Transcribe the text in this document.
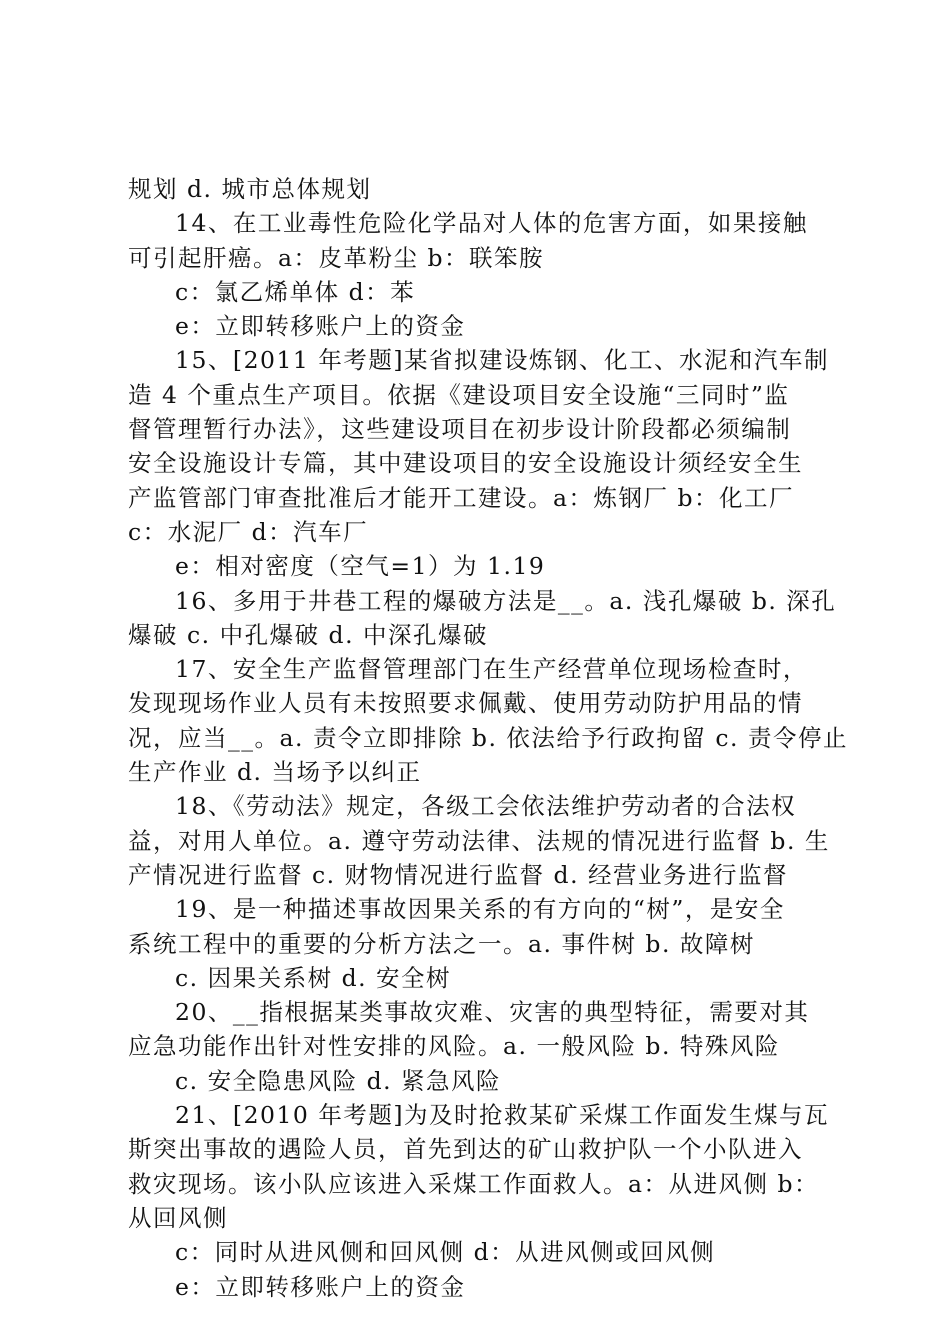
规划 d. 城市总体规划
14、在工业毒性危险化学品对人体的危害方面，如果接触
可引起肝癌。a：皮革粉尘 b：联笨胺
c：氯乙烯单体 d：苯
e：立即转移账户上的资金
15、[2011 年考题]某省拟建设炼钢、化工、水泥和汽车制
造 4 个重点生产项目。依据《建设项目安全设施“三同时”监
督管理暂行办法》，这些建设项目在初步设计阶段都必须编制
安全设施设计专篇，其中建设项目的安全设施设计须经安全生
产监管部门审查批准后才能开工建设。a：炼钢厂 b：化工厂
c：水泥厂 d：汽车厂
e：相对密度（空气=1）为 1.19
16、多用于井巷工程的爆破方法是__。a. 浅孔爆破 b. 深孔
爆破 c. 中孔爆破 d. 中深孔爆破
17、安全生产监督管理部门在生产经营单位现场检查时，
发现现场作业人员有未按照要求佩戴、使用劳动防护用品的情
况，应当__。a. 责令立即排除 b. 依法给予行政拘留 c. 责令停止
生产作业 d. 当场予以纠正
18、《劳动法》规定，各级工会依法维护劳动者的合法权
益，对用人单位。a. 遵守劳动法律、法规的情况进行监督 b. 生
产情况进行监督 c. 财物情况进行监督 d. 经营业务进行监督
19、是一种描述事故因果关系的有方向的“树”，是安全
系统工程中的重要的分析方法之一。a. 事件树 b. 故障树
c. 因果关系树 d. 安全树
20、__指根据某类事故灾难、灾害的典型特征，需要对其
应急功能作出针对性安排的风险。a. 一般风险 b. 特殊风险
c. 安全隐患风险 d. 紧急风险
21、[2010 年考题]为及时抢救某矿采煤工作面发生煤与瓦
斯突出事故的遇险人员，首先到达的矿山救护队一个小队进入
救灾现场。该小队应该进入采煤工作面救人。a：从进风侧 b：
从回风侧
c：同时从进风侧和回风侧 d：从进风侧或回风侧
e：立即转移账户上的资金
